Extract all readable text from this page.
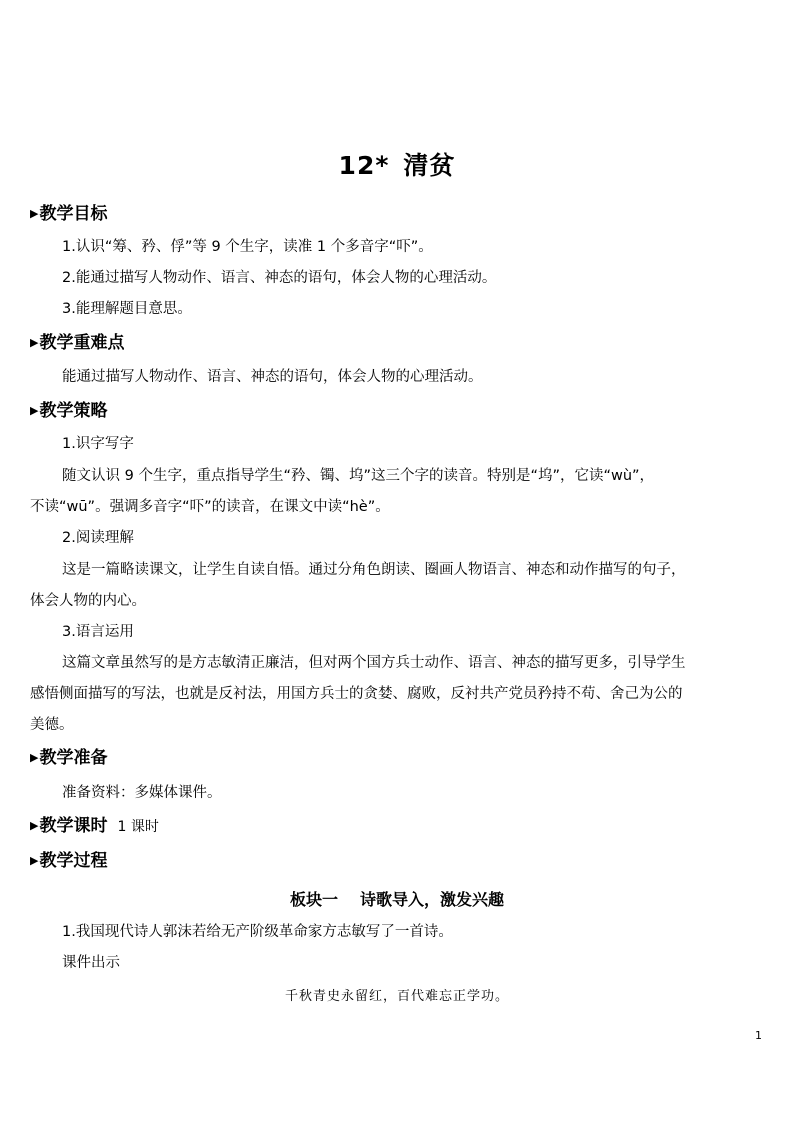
12* 清贫
▶教学目标
1.认识“筹、矜、俘”等 9 个生字，读准 1 个多音字“吓”。
2.能通过描写人物动作、语言、神态的语句，体会人物的心理活动。
3.能理解题目意思。
▶教学重难点
能通过描写人物动作、语言、神态的语句，体会人物的心理活动。
▶教学策略
1.识字写字
随文认识 9 个生字，重点指导学生“矜、镯、坞”这三个字的读音。特别是“坞”，它读“wù”，
不读“wū”。强调多音字“吓”的读音，在课文中读“hè”。
2.阅读理解
这是一篇略读课文，让学生自读自悟。通过分角色朗读、圈画人物语言、神态和动作描写的句子，
体会人物的内心。
3.语言运用
这篇文章虽然写的是方志敏清正廉洁，但对两个国方兵士动作、语言、神态的描写更多，引导学生
感悟侧面描写的写法，也就是反衬法，用国方兵士的贪婪、腐败，反衬共产党员矜持不苟、舍己为公的
美德。
▶教学准备
准备资料：多媒体课件。
▶教学课时 1 课时
▶教学过程
板块一 诗歌导入，激发兴趣
1.我国现代诗人郭沫若给无产阶级革命家方志敏写了一首诗。
课件出示
千秋青史永留红，百代难忘正学功。
1
